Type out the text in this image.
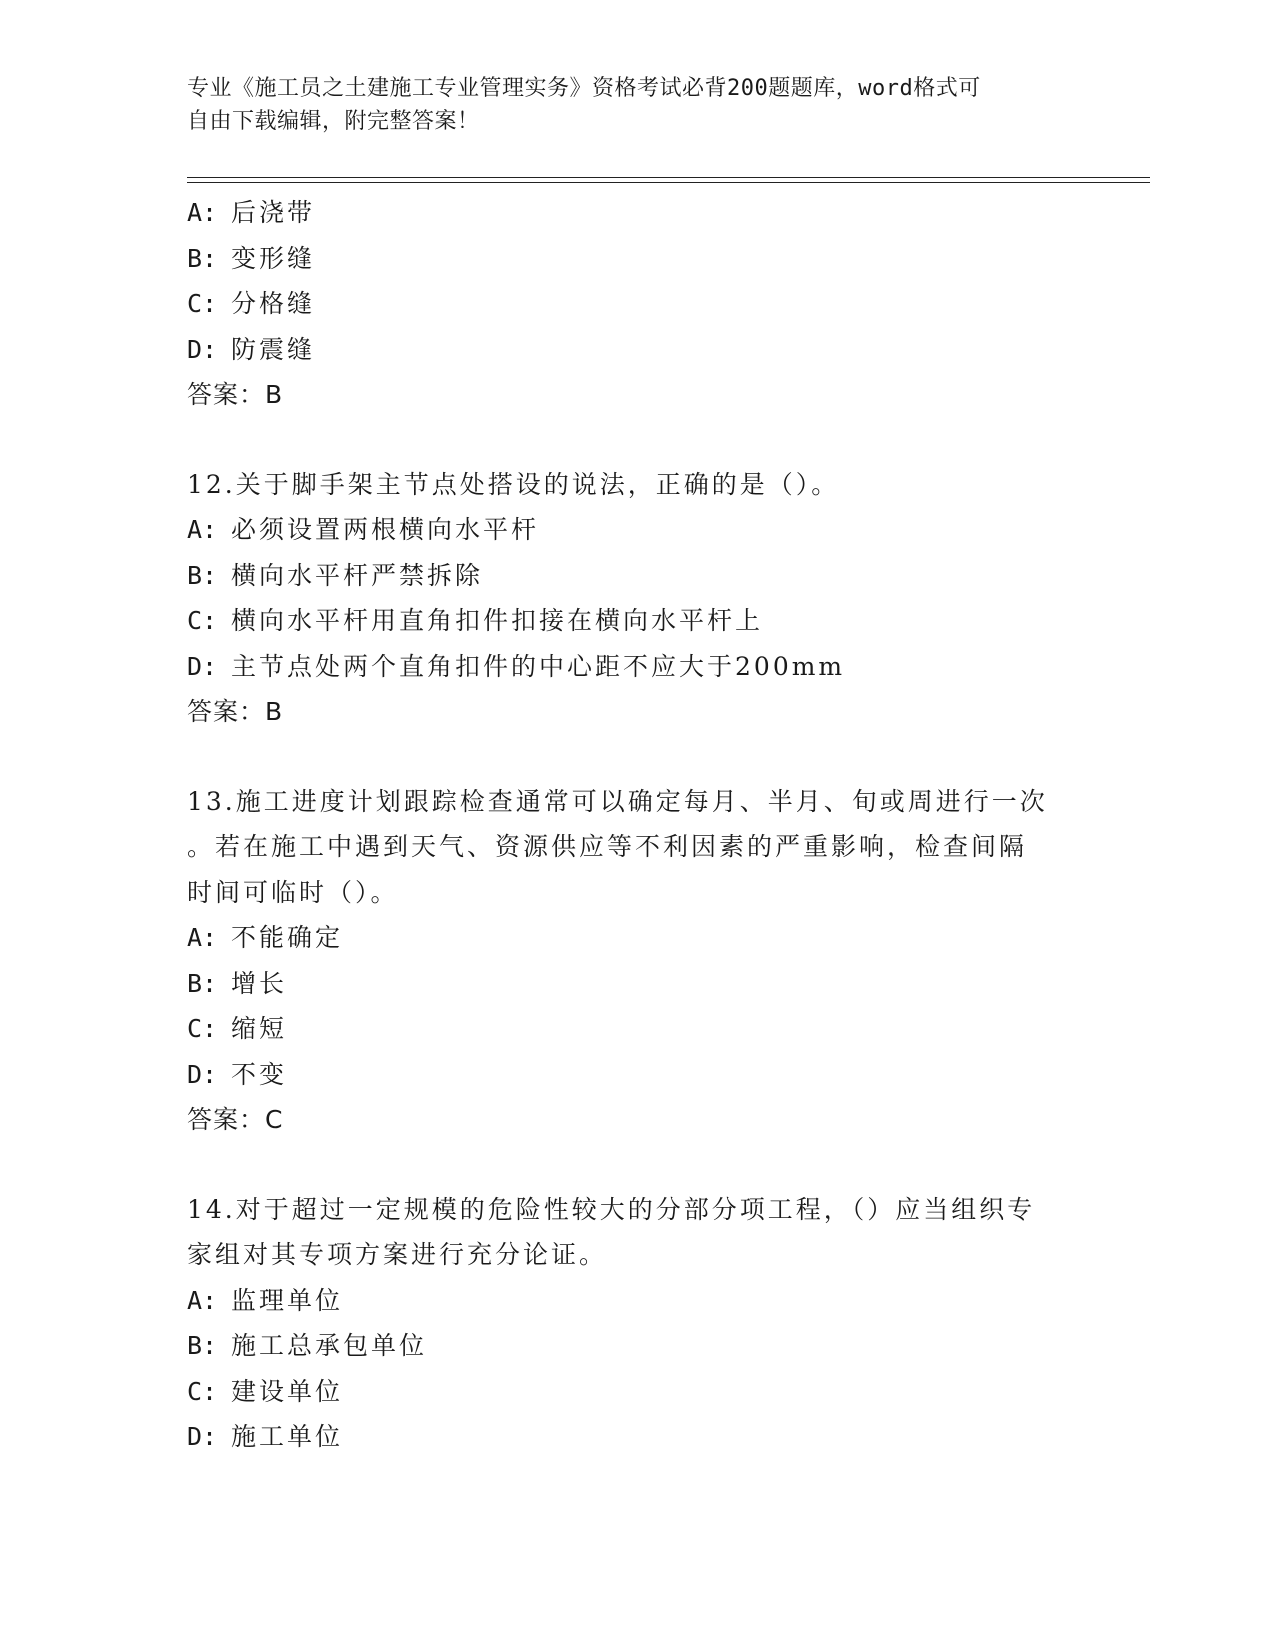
专业《施工员之土建施工专业管理实务》资格考试必背200题题库，word格式可
自由下载编辑，附完整答案！
A: 后浇带
B: 变形缝
C: 分格缝
D: 防震缝
答案：B
12.关于脚手架主节点处搭设的说法，正确的是（）。
A: 必须设置两根横向水平杆
B: 横向水平杆严禁拆除
C: 横向水平杆用直角扣件扣接在横向水平杆上
D: 主节点处两个直角扣件的中心距不应大于200mm
答案：B
13.施工进度计划跟踪检查通常可以确定每月、半月、旬或周进行一次
。若在施工中遇到天气、资源供应等不利因素的严重影响，检查间隔
时间可临时（）。
A: 不能确定
B: 增长
C: 缩短
D: 不变
答案：C
14.对于超过一定规模的危险性较大的分部分项工程，（）应当组织专
家组对其专项方案进行充分论证。
A: 监理单位
B: 施工总承包单位
C: 建设单位
D: 施工单位
